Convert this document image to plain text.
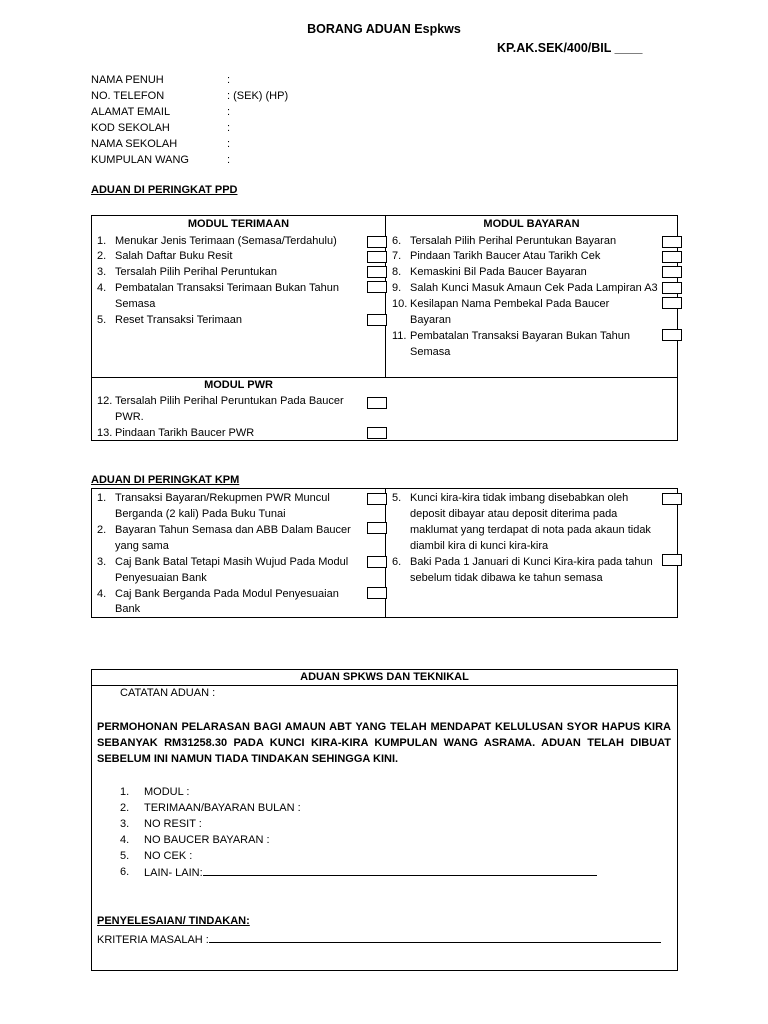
BORANG ADUAN Espkws
KP.AK.SEK/400/BIL ____
NAMA PENUH	:
NO. TELEFON	: (SEK) (HP)
ALAMAT EMAIL	:
KOD SEKOLAH	:
NAMA SEKOLAH	:
KUMPULAN WANG	:
ADUAN DI PERINGKAT PPD
MODUL TERIMAAN	MODUL BAYARAN
1. Menukar Jenis Terimaan (Semasa/Terdahulu)
2. Salah Daftar Buku Resit
3. Tersalah Pilih Perihal Peruntukan
4. Pembatalan Transaksi Terimaan Bukan Tahun
Semasa
5. Reset Transaksi Terimaan
6. Tersalah Pilih Perihal Peruntukan Bayaran
7. Pindaan Tarikh Baucer Atau Tarikh Cek
8. Kemaskini Bil Pada Baucer Bayaran
9. Salah Kunci Masuk Amaun Cek Pada Lampiran A3
10. Kesilapan Nama Pembekal Pada Baucer
Bayaran
11. Pembatalan Transaksi Bayaran Bukan Tahun
Semasa
MODUL PWR
12. Tersalah Pilih Perihal Peruntukan Pada Baucer
PWR.
13. Pindaan Tarikh Baucer PWR
ADUAN DI PERINGKAT KPM
1. Transaksi Bayaran/Rekupmen PWR Muncul
Berganda (2 kali) Pada Buku Tunai
2. Bayaran Tahun Semasa dan ABB Dalam Baucer
yang sama
3. Caj Bank Batal Tetapi Masih Wujud Pada Modul
Penyesuaian Bank
4. Caj Bank Berganda Pada Modul Penyesuaian
Bank
5. Kunci kira-kira tidak imbang disebabkan oleh
deposit dibayar atau deposit diterima pada
maklumat yang terdapat di nota pada akaun tidak
diambil kira di kunci kira-kira
6. Baki Pada 1 Januari di Kunci Kira-kira pada tahun
sebelum tidak dibawa ke tahun semasa
ADUAN SPKWS DAN TEKNIKAL
CATATAN ADUAN :
PERMOHONAN PELARASAN BAGI AMAUN ABT YANG TELAH MENDAPAT KELULUSAN SYOR HAPUS KIRA
SEBANYAK RM31258.30 PADA KUNCI KIRA-KIRA KUMPULAN WANG ASRAMA. ADUAN TELAH DIBUAT
SEBELUM INI NAMUN TIADA TINDAKAN SEHINGGA KINI.
1. MODUL :
2. TERIMAAN/BAYARAN BULAN :
3. NO RESIT :
4. NO BAUCER BAYARAN :
5. NO CEK :
6. LAIN- LAIN:
PENYELESAIAN/ TINDAKAN:
KRITERIA MASALAH :
